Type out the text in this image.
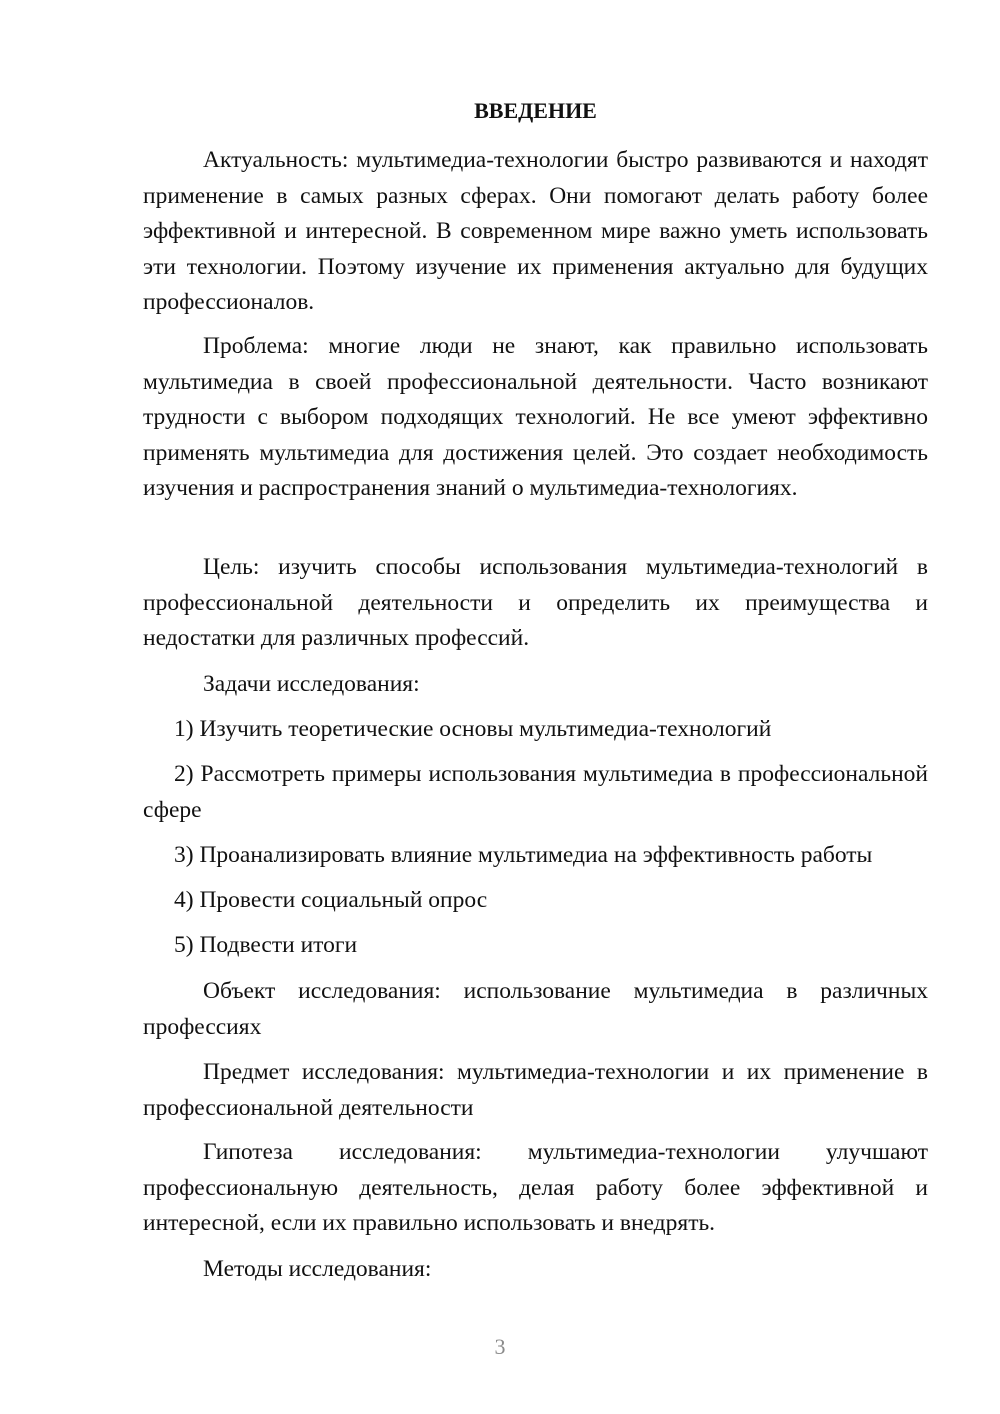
ВВЕДЕНИЕ

Актуальность: мультимедиа-технологии быстро развиваются и находят применение в самых разных сферах. Они помогают делать работу более эффективной и интересной. В современном мире важно уметь использовать эти технологии. Поэтому изучение их применения актуально для будущих профессионалов.

Проблема: многие люди не знают, как правильно использовать мультимедиа в своей профессиональной деятельности. Часто возникают трудности с выбором подходящих технологий. Не все умеют эффективно применять мультимедиа для достижения целей. Это создает необходимость изучения и распространения знаний о мультимедиа-технологиях.

Цель: изучить способы использования мультимедиа-технологий в профессиональной деятельности и определить их преимущества и недостатки для различных профессий.

Задачи исследования:

1) Изучить теоретические основы мультимедиа-технологий

2) Рассмотреть примеры использования мультимедиа в профессиональной сфере

3) Проанализировать влияние мультимедиа на эффективность работы

4) Провести социальный опрос

5) Подвести итоги

Объект исследования: использование мультимедиа в различных профессиях

Предмет исследования: мультимедиа-технологии и их применение в профессиональной деятельности

Гипотеза исследования: мультимедиа-технологии улучшают профессиональную деятельность, делая работу более эффективной и интересной, если их правильно использовать и внедрять.

Методы исследования:

3
